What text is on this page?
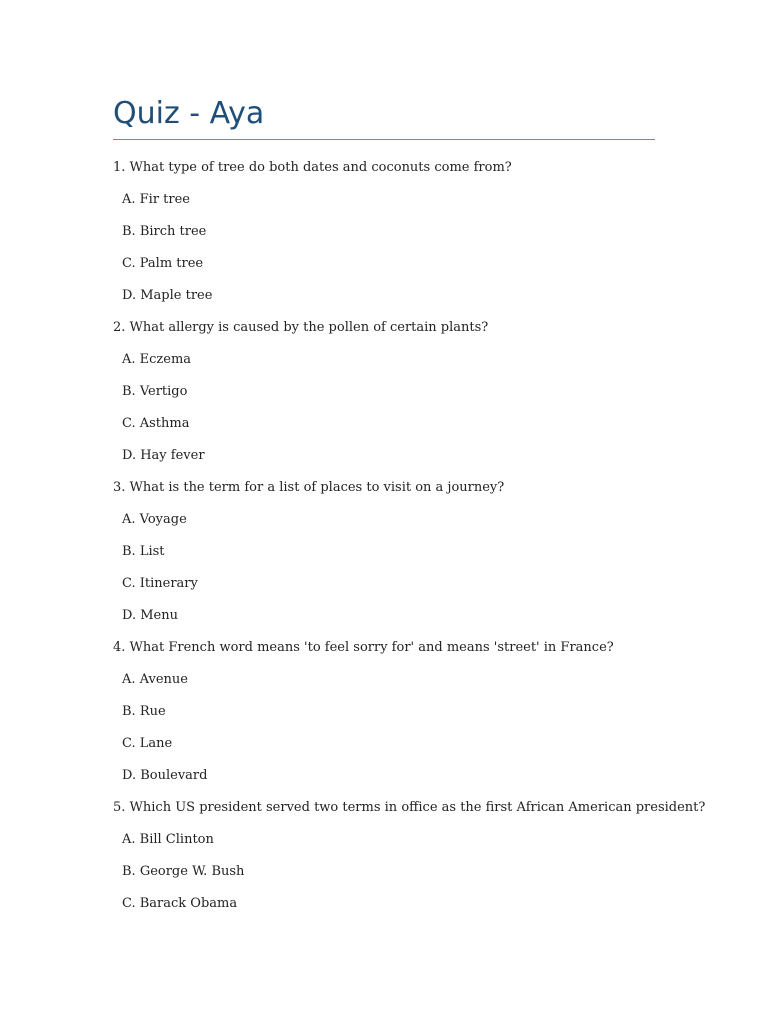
Quiz - Aya
1. What type of tree do both dates and coconuts come from?
A. Fir tree
B. Birch tree
C. Palm tree
D. Maple tree
2. What allergy is caused by the pollen of certain plants?
A. Eczema
B. Vertigo
C. Asthma
D. Hay fever
3. What is the term for a list of places to visit on a journey?
A. Voyage
B. List
C. Itinerary
D. Menu
4. What French word means 'to feel sorry for' and means 'street' in France?
A. Avenue
B. Rue
C. Lane
D. Boulevard
5. Which US president served two terms in office as the first African American president?
A. Bill Clinton
B. George W. Bush
C. Barack Obama
